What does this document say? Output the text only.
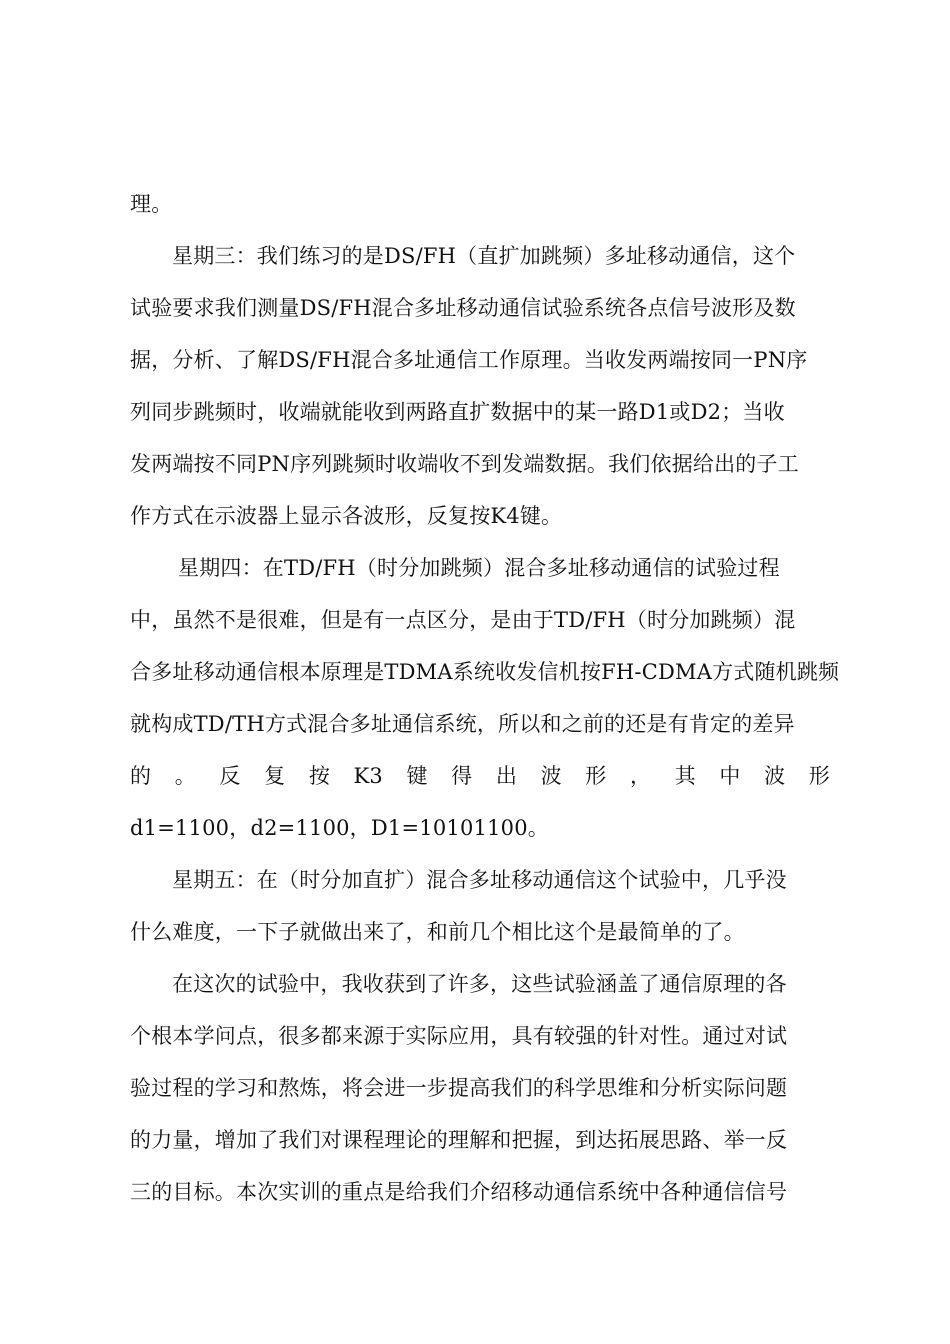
理。
星期三：我们练习的是DS/FH（直扩加跳频）多址移动通信，这个
试验要求我们测量DS/FH混合多址移动通信试验系统各点信号波形及数
据，分析、了解DS/FH混合多址通信工作原理。当收发两端按同一PN序
列同步跳频时，收端就能收到两路直扩数据中的某一路D1或D2；当收
发两端按不同PN序列跳频时收端收不到发端数据。我们依据给出的子工
作方式在示波器上显示各波形，反复按K4键。
星期四：在TD/FH（时分加跳频）混合多址移动通信的试验过程
中，虽然不是很难，但是有一点区分，是由于TD/FH（时分加跳频）混
合多址移动通信根本原理是TDMA系统收发信机按FH-CDMA方式随机跳频
就构成TD/TH方式混合多址通信系统，所以和之前的还是有肯定的差异
的 。 反 复 按 K3 键 得 出 波 形 ， 其 中 波 形
d1=1100，d2=1100，D1=10101100。
星期五：在（时分加直扩）混合多址移动通信这个试验中，几乎没
什么难度，一下子就做出来了，和前几个相比这个是最简单的了。
在这次的试验中，我收获到了许多，这些试验涵盖了通信原理的各
个根本学问点，很多都来源于实际应用，具有较强的针对性。通过对试
验过程的学习和熬炼，将会进一步提高我们的科学思维和分析实际问题
的力量，增加了我们对课程理论的理解和把握，到达拓展思路、举一反
三的目标。本次实训的重点是给我们介绍移动通信系统中各种通信信号
